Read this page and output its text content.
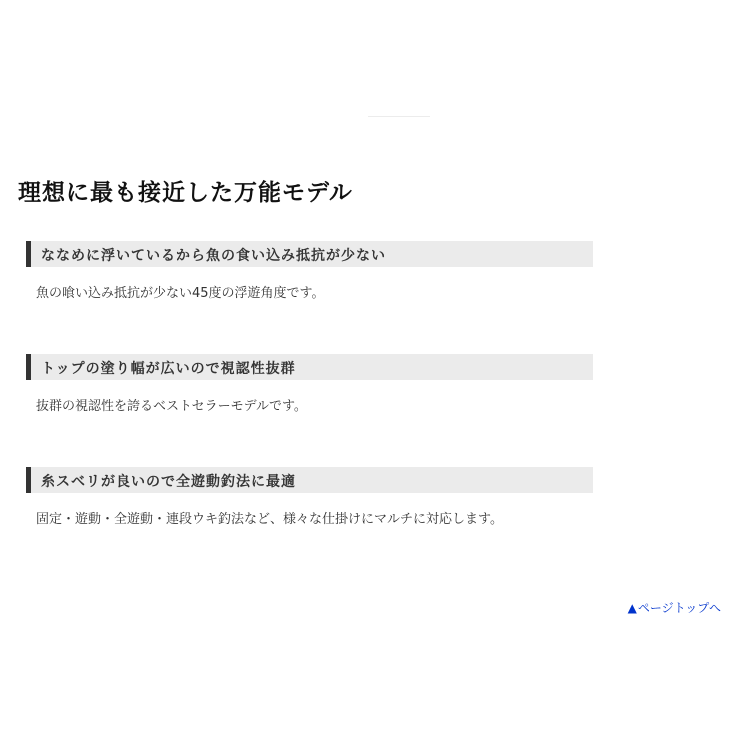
理想に最も接近した万能モデル
ななめに浮いているから魚の食い込み抵抗が少ない
魚の喰い込み抵抗が少ない45度の浮遊角度です。
トップの塗り幅が広いので視認性抜群
抜群の視認性を誇るベストセラーモデルです。
糸スベリが良いので全遊動釣法に最適
固定・遊動・全遊動・連段ウキ釣法など、様々な仕掛けにマルチに対応します。
▲ページトップへ
